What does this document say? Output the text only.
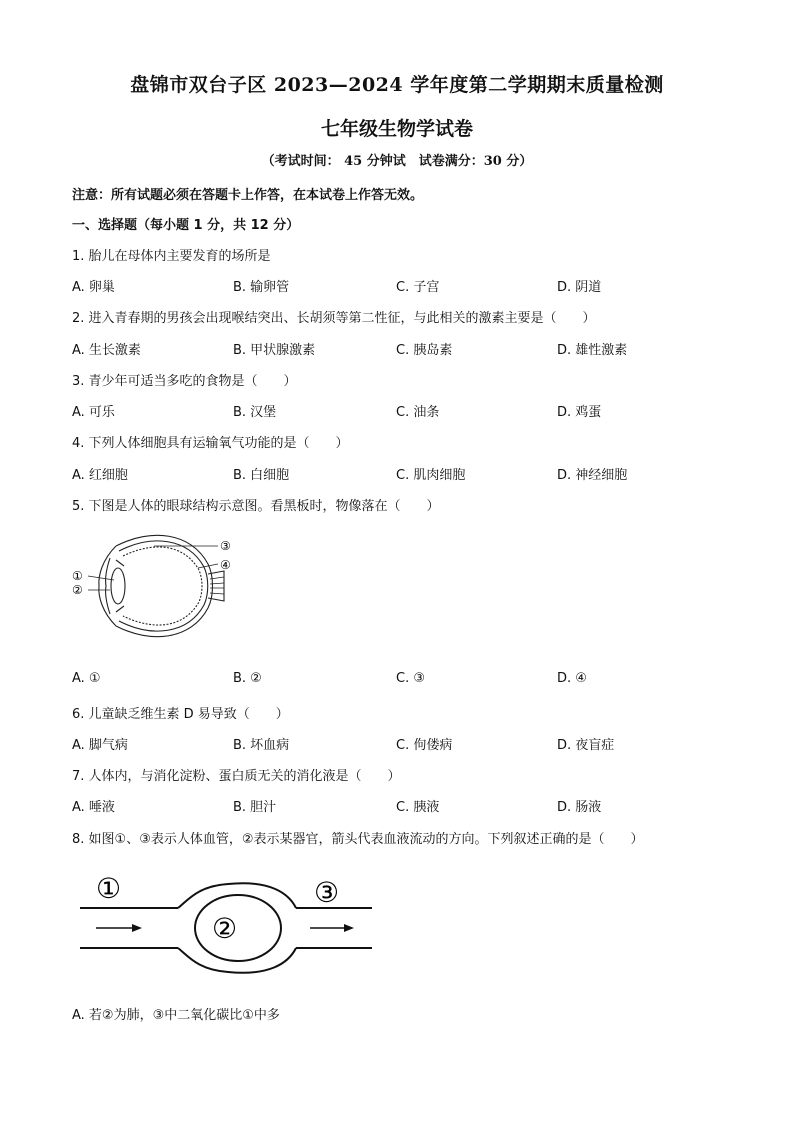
盘锦市双台子区 2023—2024 学年度第二学期期末质量检测
七年级生物学试卷
（考试时间： 45 分钟试　试卷满分：30 分）
注意：所有试题必须在答题卡上作答，在本试卷上作答无效。
一、选择题（每小题 1 分，共 12 分）
1. 胎儿在母体内主要发育的场所是
A. 卵巢	B. 输卵管	C. 子宫	D. 阴道
2. 进入青春期的男孩会出现喉结突出、长胡须等第二性征，与此相关的激素主要是（　　）
A. 生长激素	B. 甲状腺激素	C. 胰岛素	D. 雄性激素
3. 青少年可适当多吃的食物是（　　）
A. 可乐	B. 汉堡	C. 油条	D. 鸡蛋
4. 下列人体细胞具有运输氧气功能的是（　　）
A. 红细胞	B. 白细胞	C. 肌肉细胞	D. 神经细胞
5. 下图是人体的眼球结构示意图。看黑板时，物像落在（　　）
③
④
①
②
A. ①	B. ②	C. ③	D. ④
6. 儿童缺乏维生素 D 易导致（　　）
A. 脚气病	B. 坏血病	C. 佝偻病	D. 夜盲症
7. 人体内，与消化淀粉、蛋白质无关的消化液是（　　）
A. 唾液	B. 胆汁	C. 胰液	D. 肠液
8. 如图①、③表示人体血管，②表示某器官，箭头代表血液流动的方向。下列叙述正确的是（　　）
①
②
③
A. 若②为肺，③中二氧化碳比①中多
